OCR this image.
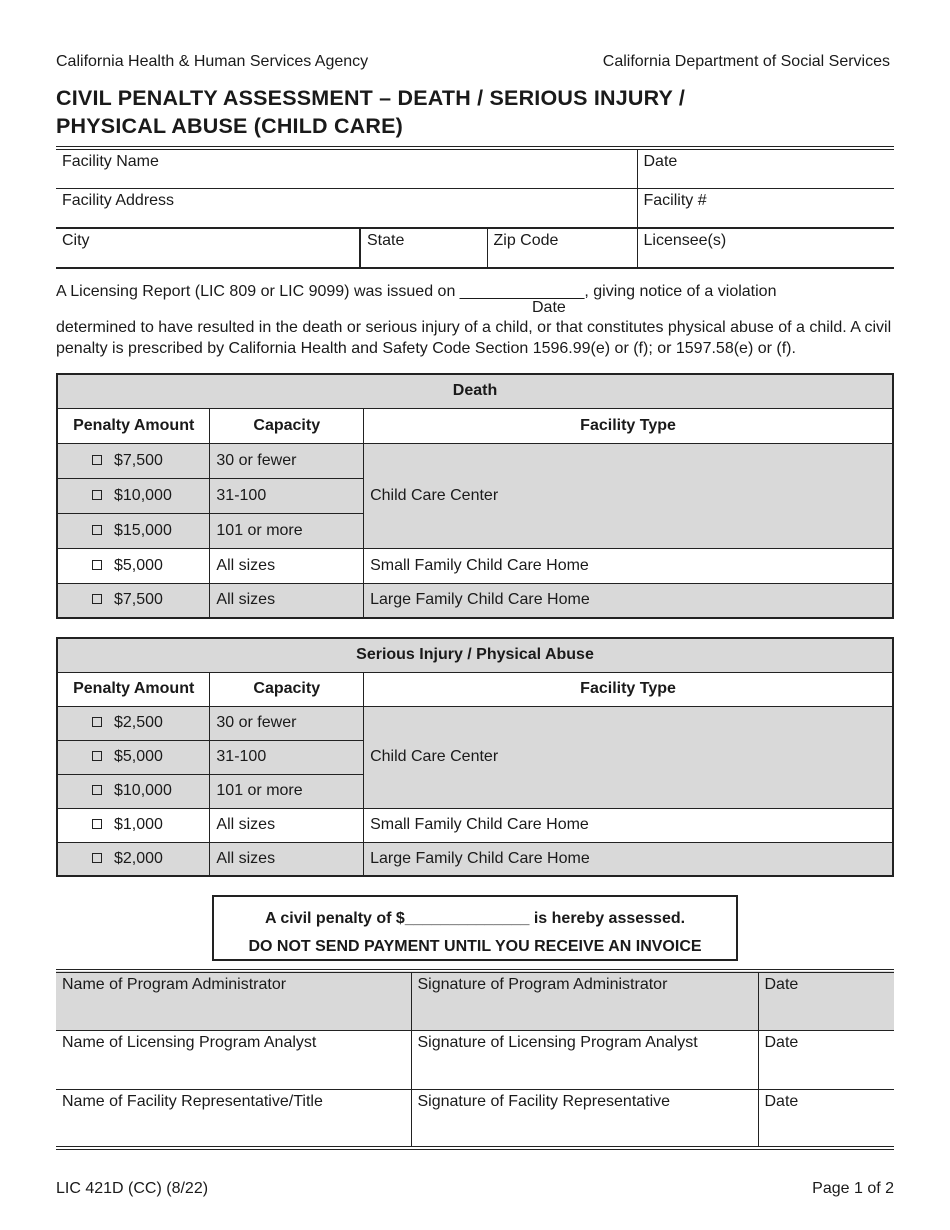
California Health & Human Services Agency	California Department of Social Services
CIVIL PENALTY ASSESSMENT – DEATH / SERIOUS INJURY /
PHYSICAL ABUSE (CHILD CARE)
Facility Name			Date
Facility Address			Facility #
City	State	Zip Code	Licensee(s)
A Licensing Report (LIC 809 or LIC 9099) was issued on ______________, giving notice of a violation
Date
determined to have resulted in the death or serious injury of a child, or that constitutes physical abuse of a child. A civil penalty is prescribed by California Health and Safety Code Section 1596.99(e) or (f); or 1597.58(e) or (f).
Death		
Penalty Amount	Capacity	Facility Type
$7,500	30 or fewer	Child Care Center
$10,000	31-100	
$15,000	101 or more	
$5,000	All sizes	Small Family Child Care Home
$7,500	All sizes	Large Family Child Care Home
Serious Injury / Physical Abuse		
Penalty Amount	Capacity	Facility Type
$2,500	30 or fewer	Child Care Center
$5,000	31-100	
$10,000	101 or more	
$1,000	All sizes	Small Family Child Care Home
$2,000	All sizes	Large Family Child Care Home
A civil penalty of $______________ is hereby assessed.
DO NOT SEND PAYMENT UNTIL YOU RECEIVE AN INVOICE
Name of Program Administrator	Signature of Program Administrator	Date
Name of Licensing Program Analyst	Signature of Licensing Program Analyst	Date
Name of Facility Representative/Title	Signature of Facility Representative	Date
LIC 421D (CC) (8/22)	Page 1 of 2
